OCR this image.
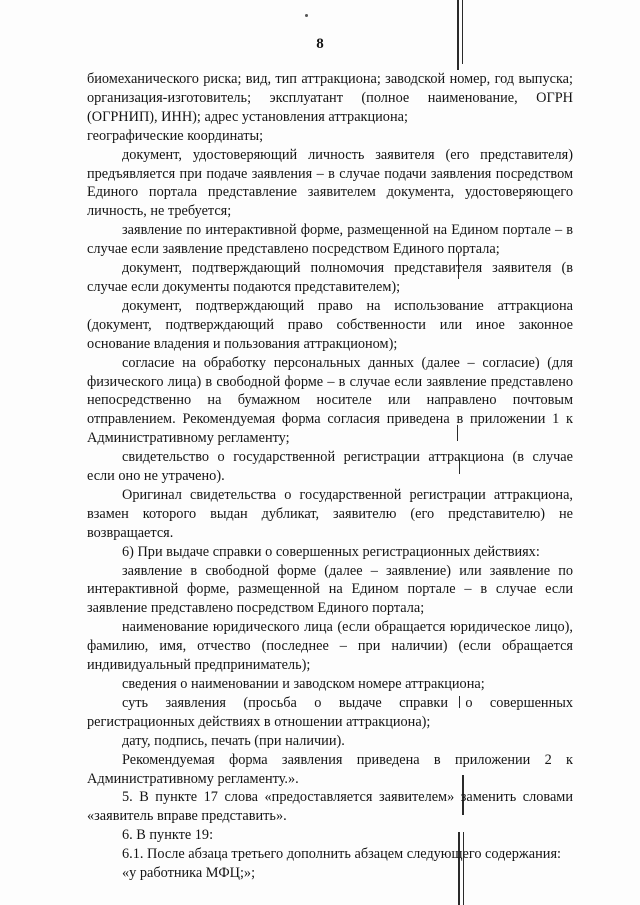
8

биомеханического риска; вид, тип аттракциона; заводской номер, год выпуска; организация-изготовитель; эксплуатант (полное наименование, ОГРН (ОГРНИП), ИНН); адрес установления аттракциона;

географические координаты;

документ, удостоверяющий личность заявителя (его представителя) предъявляется при подаче заявления – в случае подачи заявления посредством Единого портала представление заявителем документа, удостоверяющего личность, не требуется;

заявление по интерактивной форме, размещенной на Едином портале – в случае если заявление представлено посредством Единого портала;

документ, подтверждающий полномочия представителя заявителя (в случае если документы подаются представителем);

документ, подтверждающий право на использование аттракциона (документ, подтверждающий право собственности или иное законное основание владения и пользования аттракционом);

согласие на обработку персональных данных (далее – согласие) (для физического лица) в свободной форме – в случае если заявление представлено непосредственно на бумажном носителе или направлено почтовым отправлением. Рекомендуемая форма согласия приведена в приложении 1 к Административному регламенту;

свидетельство о государственной регистрации аттракциона (в случае если оно не утрачено).

Оригинал свидетельства о государственной регистрации аттракциона, взамен которого выдан дубликат, заявителю (его представителю) не возвращается.

6) При выдаче справки о совершенных регистрационных действиях:

заявление в свободной форме (далее – заявление) или заявление по интерактивной форме, размещенной на Едином портале – в случае если заявление представлено посредством Единого портала;

наименование юридического лица (если обращается юридическое лицо), фамилию, имя, отчество (последнее – при наличии) (если обращается индивидуальный предприниматель);

сведения о наименовании и заводском номере аттракциона;

суть заявления (просьба о выдаче справки о совершенных регистрационных действиях в отношении аттракциона);

дату, подпись, печать (при наличии).

Рекомендуемая форма заявления приведена в приложении 2 к Административному регламенту.».

5. В пункте 17 слова «предоставляется заявителем» заменить словами «заявитель вправе представить».

6. В пункте 19:

6.1. После абзаца третьего дополнить абзацем следующего содержания:

«у работника МФЦ;»;
